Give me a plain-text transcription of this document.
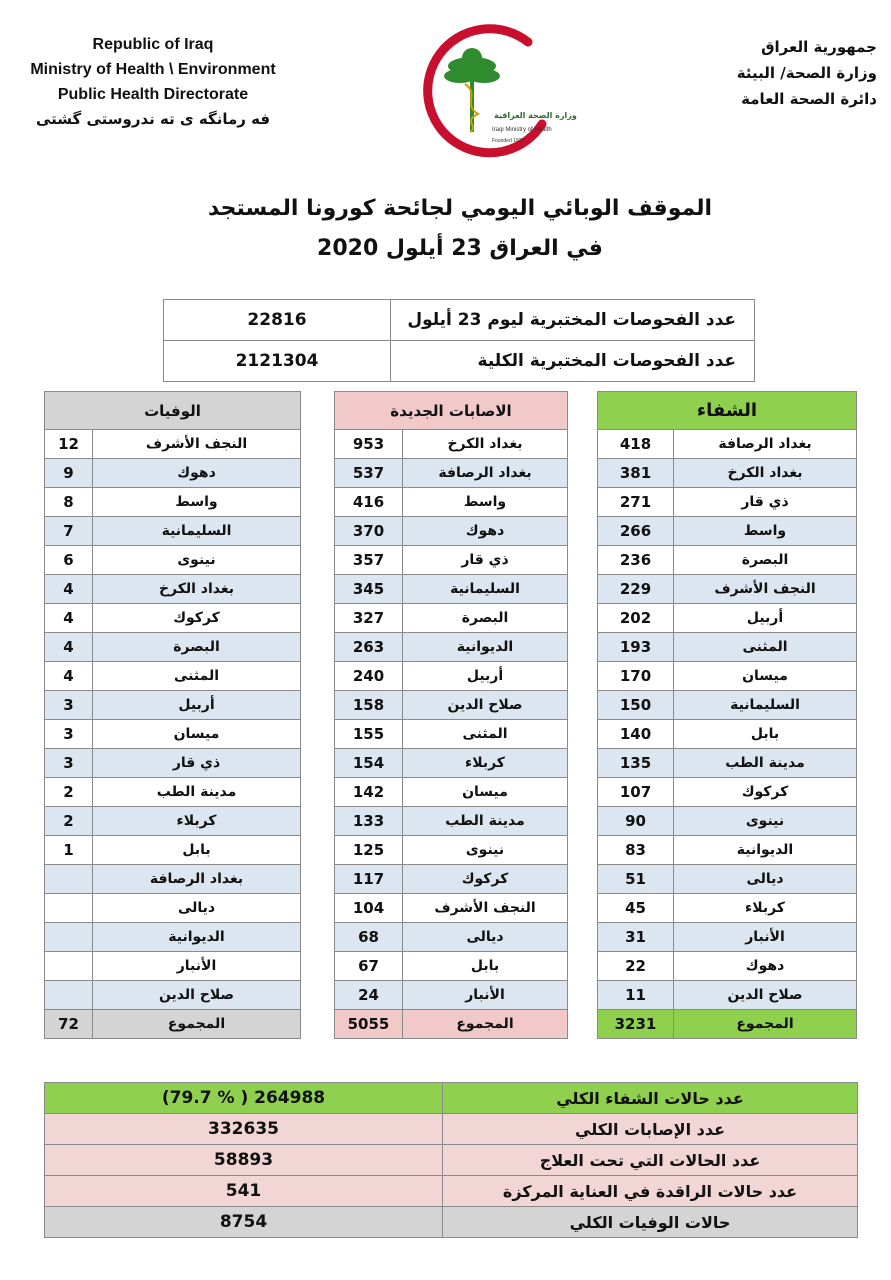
Republic of Iraq
Ministry of Health \ Environment
Public Health Directorate
فه رمانگه ی ته ندروستی گشتی	وزارة الصحة العراقية
Iraqi Ministry of Health
Founded 1920
جمهورية العراق
وزارة الصحة/ البيئة
دائرة الصحة العامة
الموقف الوبائي اليومي لجائحة كورونا المستجد
في العراق 23 أيلول 2020
22816	عدد الفحوصات المختبرية ليوم 23 أيلول
2121304	عدد الفحوصات المختبرية الكلية
الوفيات	
12	النجف الأشرف
9	دهوك
8	واسط
7	السليمانية
6	نينوى
4	بغداد الكرخ
4	كركوك
4	البصرة
4	المثنى
3	أربيل
3	ميسان
3	ذي قار
2	مدينة الطب
2	كربلاء
1	بابل
	بغداد الرصافة
	ديالى
	الديوانية
	الأنبار
	صلاح الدين
72	المجموع
الاصابات الجديدة	
953	بغداد الكرخ
537	بغداد الرصافة
416	واسط
370	دهوك
357	ذي قار
345	السليمانية
327	البصرة
263	الديوانية
240	أربيل
158	صلاح الدين
155	المثنى
154	كربلاء
142	ميسان
133	مدينة الطب
125	نينوى
117	كركوك
104	النجف الأشرف
68	ديالى
67	بابل
24	الأنبار
5055	المجموع
الشفاء	
418	بغداد الرصافة
381	بغداد الكرخ
271	ذي قار
266	واسط
236	البصرة
229	النجف الأشرف
202	أربيل
193	المثنى
170	ميسان
150	السليمانية
140	بابل
135	مدينة الطب
107	كركوك
90	نينوى
83	الديوانية
51	ديالى
45	كربلاء
31	الأنبار
22	دهوك
11	صلاح الدين
3231	المجموع
(79.7 % ) 264988	عدد حالات الشفاء الكلي
332635	عدد الإصابات الكلي
58893	عدد الحالات التي تحت العلاج
541	عدد حالات الراقدة في العناية المركزة
8754	حالات الوفيات الكلي
